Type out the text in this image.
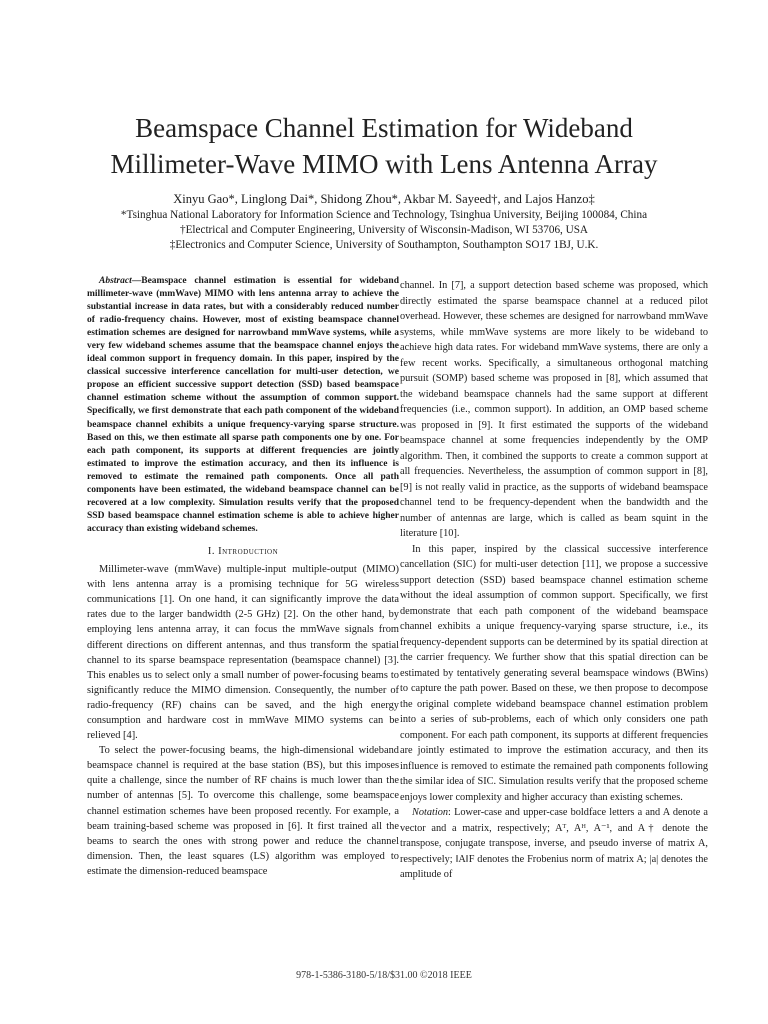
Beamspace Channel Estimation for Wideband
Millimeter-Wave MIMO with Lens Antenna Array
Xinyu Gao*, Linglong Dai*, Shidong Zhou*, Akbar M. Sayeed†, and Lajos Hanzo‡
*Tsinghua National Laboratory for Information Science and Technology, Tsinghua University, Beijing 100084, China
†Electrical and Computer Engineering, University of Wisconsin-Madison, WI 53706, USA
‡Electronics and Computer Science, University of Southampton, Southampton SO17 1BJ, U.K.

Abstract—Beamspace channel estimation is essential for wideband millimeter-wave (mmWave) MIMO with lens antenna array to achieve the substantial increase in data rates, but with a considerably reduced number of radio-frequency chains. However, most of existing beamspace channel estimation schemes are designed for narrowband mmWave systems, while a very few wideband schemes assume that the beamspace channel enjoys the ideal common support in frequency domain. In this paper, inspired by the classical successive interference cancellation for multi-user detection, we propose an efficient successive support detection (SSD) based beamspace channel estimation scheme without the assumption of common support. Specifically, we first demonstrate that each path component of the wideband beamspace channel exhibits a unique frequency-varying sparse structure. Based on this, we then estimate all sparse path components one by one. For each path component, its supports at different frequencies are jointly estimated to improve the estimation accuracy, and then its influence is removed to estimate the remained path components. Once all path components have been estimated, the wideband beamspace channel can be recovered at a low complexity. Simulation results verify that the proposed SSD based beamspace channel estimation scheme is able to achieve higher accuracy than existing wideband schemes.

I. Introduction

Millimeter-wave (mmWave) multiple-input multiple-output (MIMO) with lens antenna array is a promising technique for 5G wireless communications [1]. On one hand, it can significantly improve the data rates due to the larger bandwidth (2-5 GHz) [2]. On the other hand, by employing lens antenna array, it can focus the mmWave signals from different directions on different antennas, and thus transform the spatial channel to its sparse beamspace representation (beamspace channel) [3]. This enables us to select only a small number of power-focusing beams to significantly reduce the MIMO dimension. Consequently, the number of radio-frequency (RF) chains can be saved, and the high energy consumption and hardware cost in mmWave MIMO systems can be relieved [4].

To select the power-focusing beams, the high-dimensional wideband beamspace channel is required at the base station (BS), but this imposes quite a challenge, since the number of RF chains is much lower than the number of antennas [5]. To overcome this challenge, some beamspace channel estimation schemes have been proposed recently. For example, a beam training-based scheme was proposed in [6]. It first trained all the beams to search the ones with strong power and reduce the channel dimension. Then, the least squares (LS) algorithm was employed to estimate the dimension-reduced beamspace

channel. In [7], a support detection based scheme was proposed, which directly estimated the sparse beamspace channel at a reduced pilot overhead. However, these schemes are designed for narrowband mmWave systems, while mmWave systems are more likely to be wideband to achieve high data rates. For wideband mmWave systems, there are only a few recent works. Specifically, a simultaneous orthogonal matching pursuit (SOMP) based scheme was proposed in [8], which assumed that the wideband beamspace channels had the same support at different frequencies (i.e., common support). In addition, an OMP based scheme was proposed in [9]. It first estimated the supports of the wideband beamspace channel at some frequencies independently by the OMP algorithm. Then, it combined the supports to create a common support at all frequencies. Nevertheless, the assumption of common support in [8], [9] is not really valid in practice, as the supports of wideband beamspace channel tend to be frequency-dependent when the bandwidth and the number of antennas are large, which is called as beam squint in the literature [10].

In this paper, inspired by the classical successive interference cancellation (SIC) for multi-user detection [11], we propose a successive support detection (SSD) based beamspace channel estimation scheme without the ideal assumption of common support. Specifically, we first demonstrate that each path component of the wideband beamspace channel exhibits a unique frequency-varying sparse structure, i.e., its frequency-dependent supports can be determined by its spatial direction at the carrier frequency. We further show that this spatial direction can be estimated by tentatively generating several beamspace windows (BWins) to capture the path power. Based on these, we then propose to decompose the original complete wideband beamspace channel estimation problem into a series of sub-problems, each of which only considers one path component. For each path component, its supports at different frequencies are jointly estimated to improve the estimation accuracy, and then its influence is removed to estimate the remained path components following the similar idea of SIC. Simulation results verify that the proposed scheme enjoys lower complexity and higher accuracy than existing schemes.

Notation: Lower-case and upper-case boldface letters a and A denote a vector and a matrix, respectively; Aᵀ, Aᴴ, A⁻¹, and A† denote the transpose, conjugate transpose, inverse, and pseudo inverse of matrix A, respectively; ‖A‖F denotes the Frobenius norm of matrix A; |a| denotes the amplitude of

978-1-5386-3180-5/18/$31.00 ©2018 IEEE
